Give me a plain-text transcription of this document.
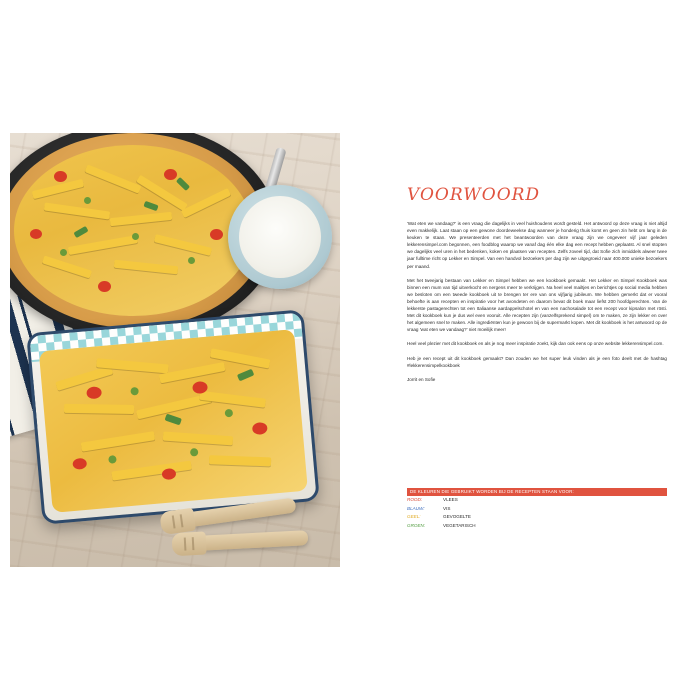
VOORWOORD

'Wat eten we vandaag?' is een vraag die dagelijks in veel huishoudens wordt gesteld. Het antwoord op deze vraag is niet altijd even makkelijk. Laat staan op een gewone doordeweekse dag wanneer je honderig thuis komt en geen zin hebt om lang in de keuken te staan. We presenteerden met het beantwoorden van deze vraag zijn we ongeveer vijf jaar geleden lekkerensimpel.com begonnen, een foodblog waarop we vanaf dag één elke dag een recept hebben geplaatst. Al snel stopten we dagelijks veel uren in het bedenken, koken en plaatsen van recepten. Zelfs zoveel tijd, dat Sofie zich inmiddels alweer twee jaar fulltime richt op Lekker en Simpel. Van een handvol bezoekers per dag zijn we uitgegroeid naar 400.000 unieke bezoekers per maand.

Met het tweejarig bestaan van Lekker en Simpel hebben we een kookboek gemaakt. Het Lekker en Simpel Kookboek was binnen een mum van tijd uitverkocht en nergens meer te verkrijgen. Na heel veel mailtjes en berichtjes op social media hebben we besloten om een tweede kookboek uit te brengen ter ere van ons vijfjarig jubileum. We hebben gemerkt dat er vooral behoefte is aan recepten en inspiratie voor het avondeten en daarom bevat dit boek maar liefst 200 hoofdgerechten. Van de lekkerste pastagerechten tot een Italiaanse aardappelschotel en van een nachosalade tot een recept voor kipsalon met rösti. Met dit kookboek kun je dus wel even vooruit. Alle recepten zijn (vanzelfsprekend simpel) om te maken, ze zijn lekker en over het algemeen snel te maken. Alle ingrediënten kun je gewoon bij de supermarkt kopen. Met dit kookboek is het antwoord op de vraag 'wat eten we vandaag?' niet moeilijk meer!

Heel veel plezier met dit kookboek en als je nog meer inspiratie zoekt, kijk dan ook eens op onze website lekkerensimpel.com.

Heb je een recept uit dit kookboek gemaakt? Dan zouden we het super leuk vinden als je een foto deelt met de hashtag #lekkerensimpelkookboek

Jorrit en Sofie

DE KLEUREN DIE GEBRUIKT WORDEN BIJ DE RECEPTEN STAAN VOOR:
ROOD:	VLEES
BLAUW:	VIS
GEEL:	GEVOGELTE
GROEN:	VEGETARISCH
